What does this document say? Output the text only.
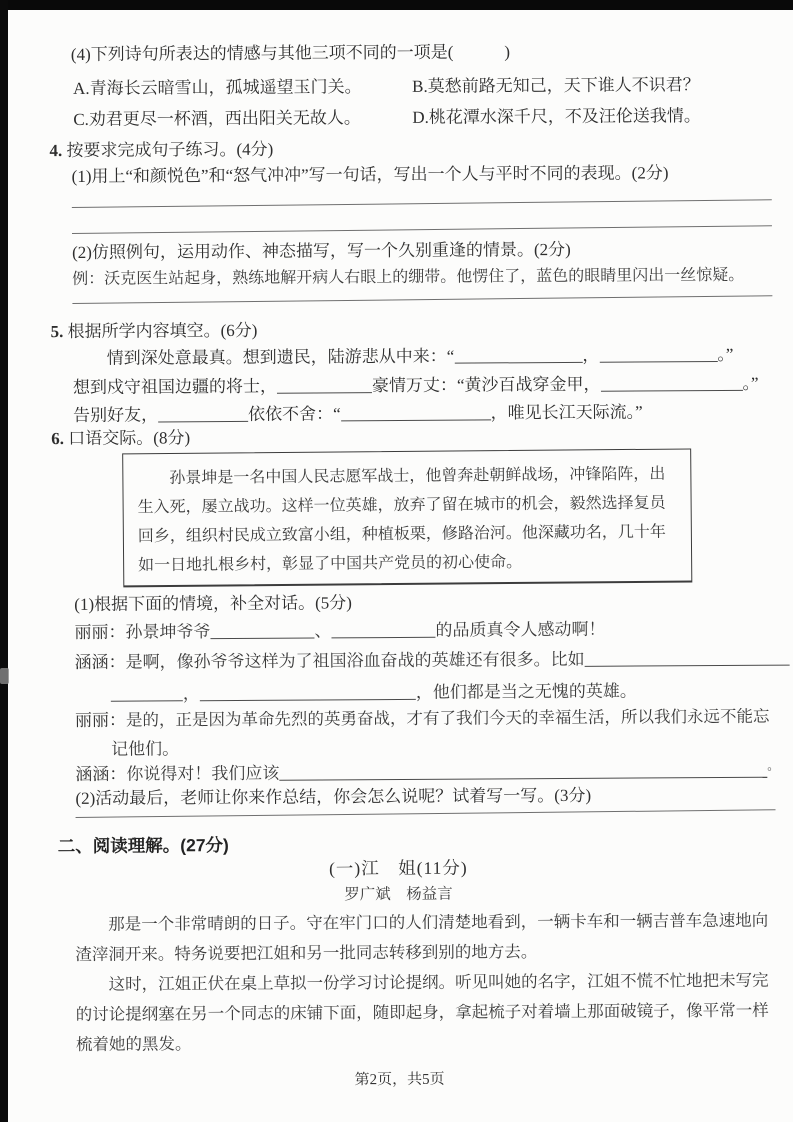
(4)下列诗句所表达的情感与其他三项不同的一项是(　　　)
A.青海长云暗雪山，孤城遥望玉门关。	B.莫愁前路无知己，天下谁人不识君？
C.劝君更尽一杯酒，西出阳关无故人。	D.桃花潭水深千尺，不及汪伦送我情。
4. 按要求完成句子练习。(4分)
(1)用上“和颜悦色”和“怒气冲冲”写一句话，写出一个人与平时不同的表现。(2分)
(2)仿照例句，运用动作、神态描写，写一个久别重逢的情景。(2分)
例：沃克医生站起身，熟练地解开病人右眼上的绷带。他愣住了，蓝色的眼睛里闪出一丝惊疑。
5. 根据所学内容填空。(6分)
情到深处意最真。想到遗民，陆游悲从中来：“	，	。”
想到戍守祖国边疆的将士，	豪情万丈：“黄沙百战穿金甲，	。”
告别好友，	依依不舍：“	，唯见长江天际流。”
6. 口语交际。(8分)

孙景坤是一名中国人民志愿军战士，他曾奔赴朝鲜战场，冲锋陷阵，出生入死，屡立战功。这样一位英雄，放弃了留在城市的机会，毅然选择复员回乡，组织村民成立致富小组，种植板栗，修路治河。他深藏功名，几十年如一日地扎根乡村，彰显了中国共产党员的初心使命。

(1)根据下面的情境，补全对话。(5分)
丽丽：孙景坤爷爷	、	的品质真令人感动啊！
涵涵：是啊，像孙爷爷这样为了祖国浴血奋战的英雄还有很多。比如
，	，他们都是当之无愧的英雄。
丽丽：是的，正是因为革命先烈的英勇奋战，才有了我们今天的幸福生活，所以我们永远不能忘
记他们。
涵涵：你说得对！我们应该	。
(2)活动最后，老师让你来作总结，你会怎么说呢？试着写一写。(3分)
二、阅读理解。(27分)
(一)江　姐(11分)
罗广斌　杨益言
那是一个非常晴朗的日子。守在牢门口的人们清楚地看到，一辆卡车和一辆吉普车急速地向渣滓洞开来。特务说要把江姐和另一批同志转移到别的地方去。
这时，江姐正伏在桌上草拟一份学习讨论提纲。听见叫她的名字，江姐不慌不忙地把未写完的讨论提纲塞在另一个同志的床铺下面，随即起身，拿起梳子对着墙上那面破镜子，像平常一样梳着她的黑发。
第2页，共5页
